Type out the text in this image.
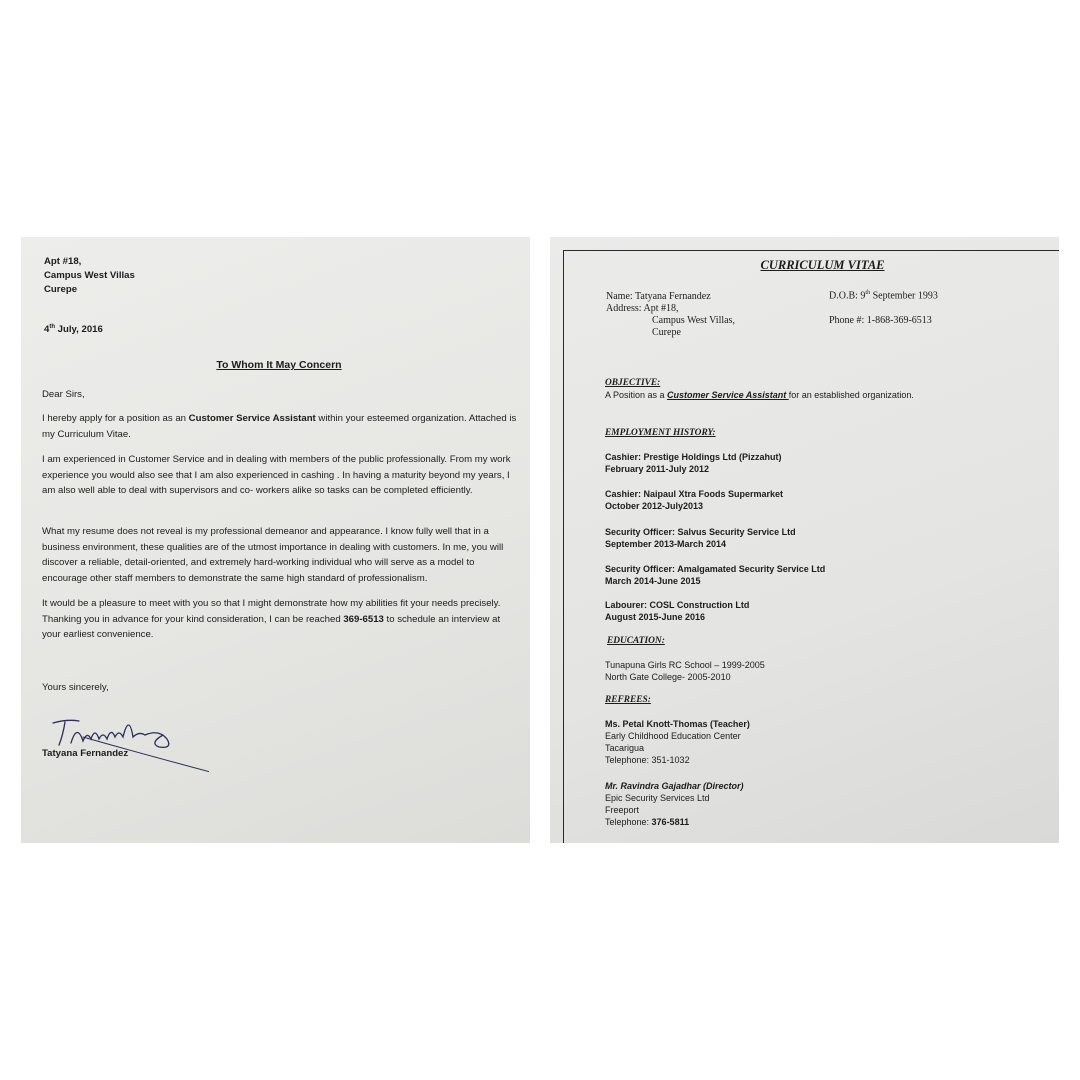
Apt #18,
Campus West Villas
Curepe
4th July, 2016
To Whom It May Concern
Dear Sirs,
I hereby apply for a position as an Customer Service Assistant within your esteemed organization. Attached is my Curriculum Vitae.
I am experienced in Customer Service and in dealing with members of the public professionally. From my work experience you would also see that I am also experienced in cashing . In having a maturity beyond my years, I am also well able to deal with supervisors and co- workers alike so tasks can be completed efficiently.
What my resume does not reveal is my professional demeanor and appearance. I know fully well that in a business environment, these qualities are of the utmost importance in dealing with customers. In me, you will discover a reliable, detail-oriented, and extremely hard-working individual who will serve as a model to encourage other staff members to demonstrate the same high standard of professionalism.
It would be a pleasure to meet with you so that I might demonstrate how my abilities fit your needs precisely. Thanking you in advance for your kind consideration, I can be reached 369-6513 to schedule an interview at your earliest convenience.
Yours sincerely,
Tatyana Fernandez
CURRICULUM VITAE
Name: Tatyana Fernandez
Address: Apt #18,
Campus West Villas,
Curepe
D.O.B: 9th September 1993
Phone #: 1-868-369-6513
OBJECTIVE:
A Position as a Customer Service Assistant for an established organization.
EMPLOYMENT HISTORY:
Cashier: Prestige Holdings Ltd (Pizzahut)
February 2011-July 2012
Cashier: Naipaul Xtra Foods Supermarket
October 2012-July2013
Security Officer: Salvus Security Service Ltd
September 2013-March 2014
Security Officer: Amalgamated Security Service Ltd
March 2014-June 2015
Labourer: COSL Construction Ltd
August 2015-June 2016
EDUCATION:
Tunapuna Girls RC School – 1999-2005
North Gate College- 2005-2010
REFREES:
Ms. Petal Knott-Thomas (Teacher)
Early Childhood Education Center
Tacarigua
Telephone: 351-1032
Mr. Ravindra Gajadhar (Director)
Epic Security Services Ltd
Freeport
Telephone: 376-5811
